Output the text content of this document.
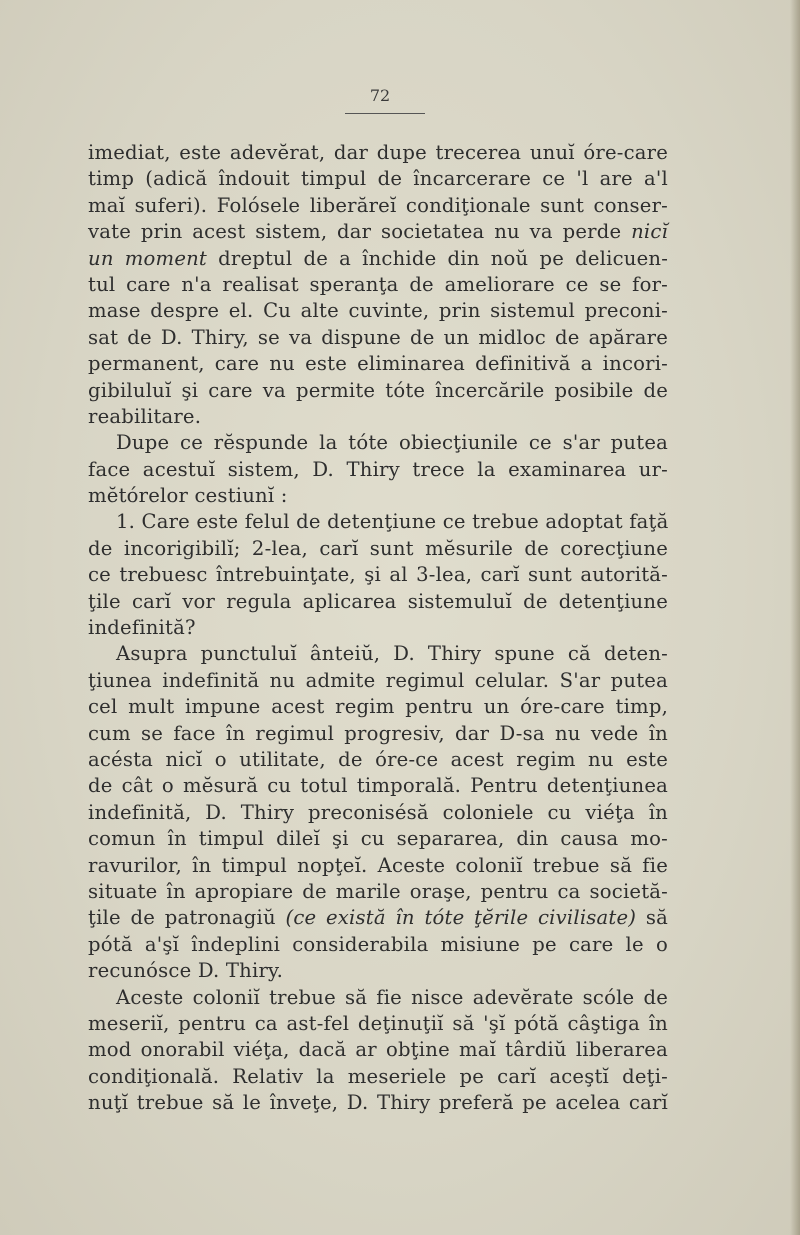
72
imediat, este adevĕrat, dar dupe trecerea unuĭ óre-care
timp (adică îndouit timpul de încarcerare ce 'l are a'l
maĭ suferi). Folósele liberăreĭ condiţionale sunt conser-
vate prin acest sistem, dar societatea nu va perde nicĭ
un moment dreptul de a închide din noŭ pe delicuen-
tul care n'a realisat speranţa de ameliorare ce se for-
mase despre el. Cu alte cuvinte, prin sistemul preconi-
sat de D. Thiry, se va dispune de un midloc de apărare
permanent, care nu este eliminarea definitivă a incori-
gibiluluĭ şi care va permite tóte încercările posibile de
reabilitare.
Dupe ce rĕspunde la tóte obiecţiunile ce s'ar putea
face acestuĭ sistem, D. Thiry trece la examinarea ur-
mĕtórelor cestiunĭ :
1. Care este felul de detenţiune ce trebue adoptat faţă
de incorigibilĭ; 2-lea, carĭ sunt mĕsurile de corecţiune
ce trebuesc întrebuinţate, şi al 3-lea, carĭ sunt autorită-
ţile carĭ vor regula aplicarea sistemuluĭ de detenţiune
indefinită?
Asupra punctuluĭ ânteiŭ, D. Thiry spune că deten-
ţiunea indefinită nu admite regimul celular. S'ar putea
cel mult impune acest regim pentru un óre-care timp,
cum se face în regimul progresiv, dar D-sa nu vede în
acésta nicĭ o utilitate, de óre-ce acest regim nu este
de cât o mĕsură cu totul timporală. Pentru detenţiunea
indefinită, D. Thiry preconisésă coloniele cu viéţa în
comun în timpul dileĭ şi cu separarea, din causa mo-
ravurilor, în timpul nopţeĭ. Aceste coloniĭ trebue să fie
situate în apropiare de marile oraşe, pentru ca societă-
ţile de patronagiŭ (ce există în tóte ţĕrile civilisate) să
pótă a'şĭ îndeplini considerabila misiune pe care le o
recunósce D. Thiry.
Aceste coloniĭ trebue să fie nisce adevĕrate scóle de
meseriĭ, pentru ca ast-fel deţinuţiĭ să 'şĭ pótă câştiga în
mod onorabil viéţa, dacă ar obţine maĭ târdiŭ liberarea
condiţională. Relativ la meseriele pe carĭ aceştĭ deţi-
nuţĭ trebue să le înveţe, D. Thiry preferă pe acelea carĭ
